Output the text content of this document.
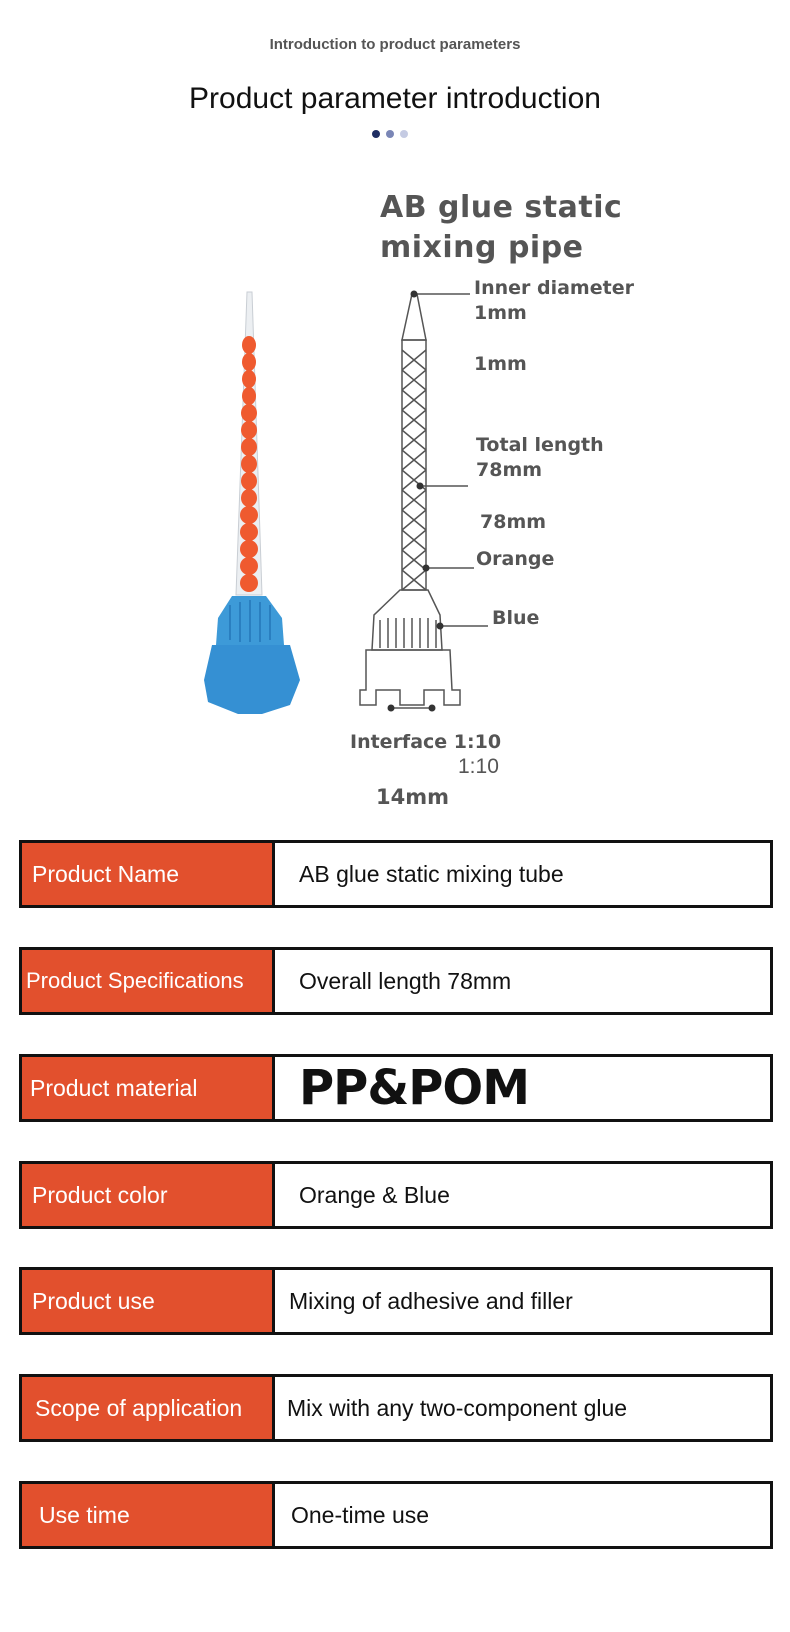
Introduction to product parameters
Product parameter introduction
AB glue static
mixing pipe
Inner diameter
1mm
1mm
Total length
78mm
78mm
Orange
Blue
Interface 1:10
1:10
14mm
Product Name	AB glue static mixing tube
Product Specifications	Overall length 78mm
Product material	PP&POM
Product color	Orange & Blue
Product use	Mixing of adhesive and filler
Scope of application	Mix with any two-component glue
Use time	One-time use
